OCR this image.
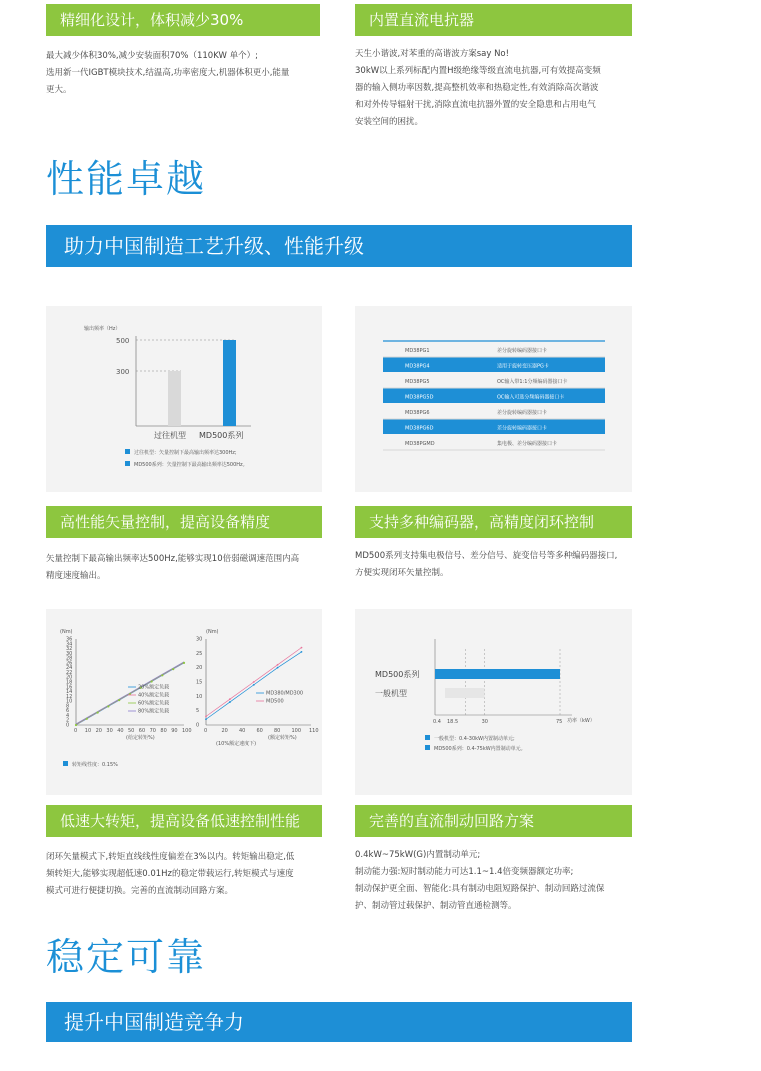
精细化设计，体积减少30%
最大减少体积30%,减少安装面积70%（110KW 单个）;
选用新一代IGBT模块技术,结温高,功率密度大,机器体积更小,能量
更大。
内置直流电抗器
天生小谐波,对苯重的高谐波方案say No!
30kW以上系列标配内置H级绝缘等级直流电抗器,可有效提高变频
器的输入侧功率因数,提高整机效率和热稳定性,有效消除高次谐波
和对外传导辐射干扰,消除直流电抗器外置的安全隐患和占用电气
安装空间的困扰。
性能卓越
助力中国制造工艺升级、性能升级
输出频率（Hz）
500
300
过往机型 MD500系列
过往机型：矢量控制下最高输出频率达300Hz;
MD500系列：矢量控制下最高输出频率达500Hz。
MD38PG1	差分旋转编码器接口卡
MD38PG4	适用于旋转变压器PG卡
MD38PG5	OC输入带1:1分频编码器接口卡
MD38PG5D	OC输入可选分频编码器接口卡
MD38PG6	差分旋转编码器接口卡
MD38PG6D	差分旋转编码器接口卡
MD38PGMD	集电极、差分编码器接口卡
高性能矢量控制，提高设备精度
矢量控制下最高输出频率达500Hz,能够实现10倍弱磁调速范围内高
精度速度输出。
支持多种编码器，高精度闭环控制
MD500系列支持集电极信号、差分信号、旋变信号等多种编码器接口,
方便实现闭环矢量控制。
(Nm)
36
34
32
30
28
26
24
22
20
18
16
14
12
10
8
6
4
2
0
0 10 20 30 40 50 60 70 80 90 100
(给定转矩%)
20%额定负载
40%额定负载
60%额定负载
80%额定负载
(Nm)
30
25
20
15
10
5
0
0	20 40 60 80 100 110
(额定转矩%)
(10%额定速度下)
MD380/MD300
MD500
转矩线性度：0.15%
MD500系列
一般机型
0.4 18.5	30	75 功率（kW）
一般机型：0.4-30kW内置制动单元;
MD500系列：0.4-75kW内置制动单元。
低速大转矩，提高设备低速控制性能
闭环矢量模式下,转矩直线线性度偏差在3%以内。转矩输出稳定,低
频转矩大,能够实现超低速0.01Hz的稳定带载运行,转矩模式与速度
模式可进行便捷切换。完善的直流制动回路方案。
完善的直流制动回路方案
0.4kW~75kW(G)内置制动单元;
制动能力强:短时制动能力可达1.1~1.4倍变频器额定功率;
制动保护更全面、智能化:具有制动电阻短路保护、制动回路过流保
护、制动管过载保护、制动管直通检测等。
稳定可靠
提升中国制造竞争力
